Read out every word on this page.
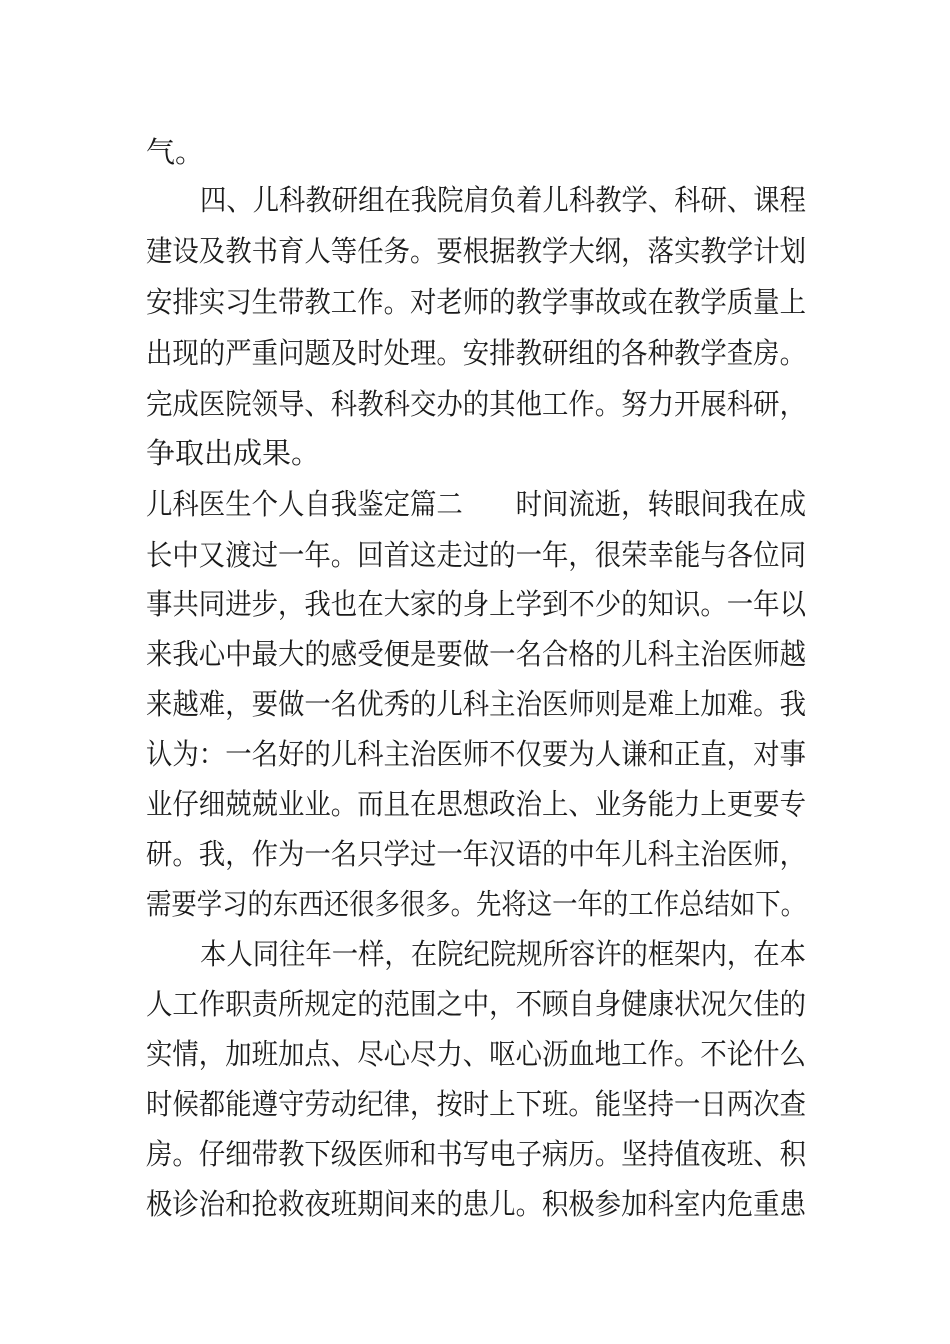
气。
四、儿科教研组在我院肩负着儿科教学、科研、课程
建设及教书育人等任务。要根据教学大纲，落实教学计划
安排实习生带教工作。对老师的教学事故或在教学质量上
出现的严重问题及时处理。安排教研组的各种教学查房。
完成医院领导、科教科交办的其他工作。努力开展科研，
争取出成果。
儿科医生个人自我鉴定篇二　　时间流逝，转眼间我在成
长中又渡过一年。回首这走过的一年，很荣幸能与各位同
事共同进步，我也在大家的身上学到不少的知识。一年以
来我心中最大的感受便是要做一名合格的儿科主治医师越
来越难，要做一名优秀的儿科主治医师则是难上加难。我
认为：一名好的儿科主治医师不仅要为人谦和正直，对事
业仔细兢兢业业。而且在思想政治上、业务能力上更要专
研。我，作为一名只学过一年汉语的中年儿科主治医师，
需要学习的东西还很多很多。先将这一年的工作总结如下。
本人同往年一样，在院纪院规所容许的框架内，在本
人工作职责所规定的范围之中，不顾自身健康状况欠佳的
实情，加班加点、尽心尽力、呕心沥血地工作。不论什么
时候都能遵守劳动纪律，按时上下班。能坚持一日两次查
房。仔细带教下级医师和书写电子病历。坚持值夜班、积
极诊治和抢救夜班期间来的患儿。积极参加科室内危重患
